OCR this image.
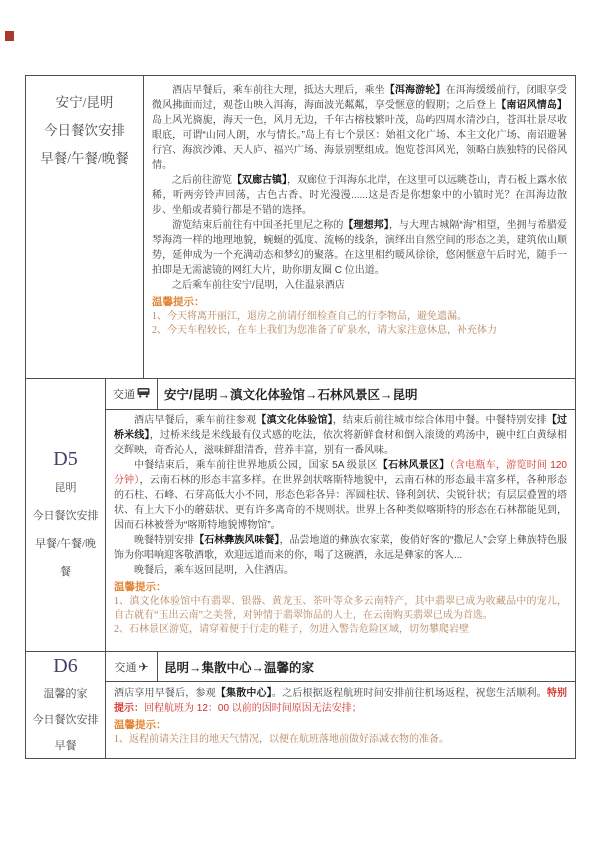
安宁/昆明
今日餐饮安排
早餐/午餐/晚餐
酒店早餐后，乘车前往大理，抵达大理后，乘坐【洱海游轮】在洱海缓缓前行，闭眼享受微风拂面而过，观苍山映入洱海，海面波光粼粼，享受惬意的假期；之后登上【南诏风情岛】岛上风光旖旎，海天一色，风月无边，千年古榕枝繁叶茂，岛屿四周水清沙白，苍洱壮景尽收眼底，可谓“山同人朗，水与情长。”岛上有七个景区：始祖文化广场、本主文化广场、南诏避暑行宫、海滨沙滩、天人庐、福兴广场、海景别墅组成。饱览苍洱风光，领略白族独特的民俗风情。
之后前往游览【双廊古镇】，双廊位于洱海东北岸，在这里可以远眺苍山，青石板上露水依稀，听两旁铃声回荡，古色古香、时光漫漫......这是否是你想象中的小镇时光？在洱海边散步、坐船或者骑行都是不错的选择。
游览结束后前往有中国圣托里尼之称的【理想邦】，与大理古城隔“海”相望，坐拥与希腊爱琴海湾一样的地理地貌，蜿蜒的弧度、流畅的线条，演绎出自然空间的形态之美，建筑依山顺势，延伸成为一个充满动态和梦幻的聚落。在这里相约暖风徐徐，悠闲惬意午后时光，随手一拍即是无需滤镜的网红大片，助你朋友圈 C 位出道。
之后乘车前往安宁/昆明，入住温泉酒店
温馨提示：
1、今天将离开丽江，退房之前请仔细检查自己的行李物品，避免遗漏。
2、今天车程较长，在车上我们为您准备了矿泉水，请大家注意休息，补充体力
D5
昆明
今日餐饮安排
早餐/午餐/晚餐
交通	安宁/昆明→滇文化体验馆→石林风景区→昆明
酒店早餐后，乘车前往参观【滇文化体验馆】，结束后前往城市综合体用中餐。中餐特别安排【过桥米线】，过桥米线是米线最有仪式感的吃法，依次将新鲜食材和倒入滚烫的鸡汤中，碗中红白黄绿相交辉映，奇香沁人，滋味鲜甜清香，营养丰富，别有一番风味。
中餐结束后，乘车前往世界地质公园，国家 5A 级景区【石林风景区】（含电瓶车，游览时间 120 分钟），云南石林的形态丰富多样。在世界剑状喀斯特地貌中，云南石林的形态最丰富多样，各种形态的石柱、石峰、石芽高低大小不同，形态色彩各异：浑圆柱状、锋利剑状、尖锐针状；有层层叠置的塔状、有上大下小的蘑菇状、更有许多离奇的不规则状。世界上各种类似喀斯特的形态在石林都能见到，因而石林被誉为“喀斯特地貌博物馆”。
晚餐特别安排【石林彝族风味餐】，品尝地道的彝族农家菜，俊俏好客的“撒尼人”会穿上彝族特色服饰为你唱响迎客敬酒歌，欢迎远道而来的你，喝了这碗酒，永远是彝家的客人...
晚餐后，乘车返回昆明，入住酒店。
温馨提示：
1、滇文化体验馆中有翡翠、银器、黄龙玉、茶叶等众多云南特产，其中翡翠已成为收藏品中的宠儿，自古就有“玉出云南”之美誉，对钟情于翡翠饰品的人士，在云南购买翡翠已成为首选。
2、石林景区游览，请穿着便于行走的鞋子，勿进入警告危险区域，切勿攀爬岩壁
D6
温馨的家
今日餐饮安排
早餐
交通 ✈	昆明→集散中心→温馨的家
酒店享用早餐后，参观【集散中心】。之后根据返程航班时间安排前往机场返程，祝您生活顺利。特别提示：回程航班为 12：00 以前的因时间原因无法安排；
温馨提示：
1、返程前请关注目的地天气情况，以便在航班落地前做好添减衣物的准备。
